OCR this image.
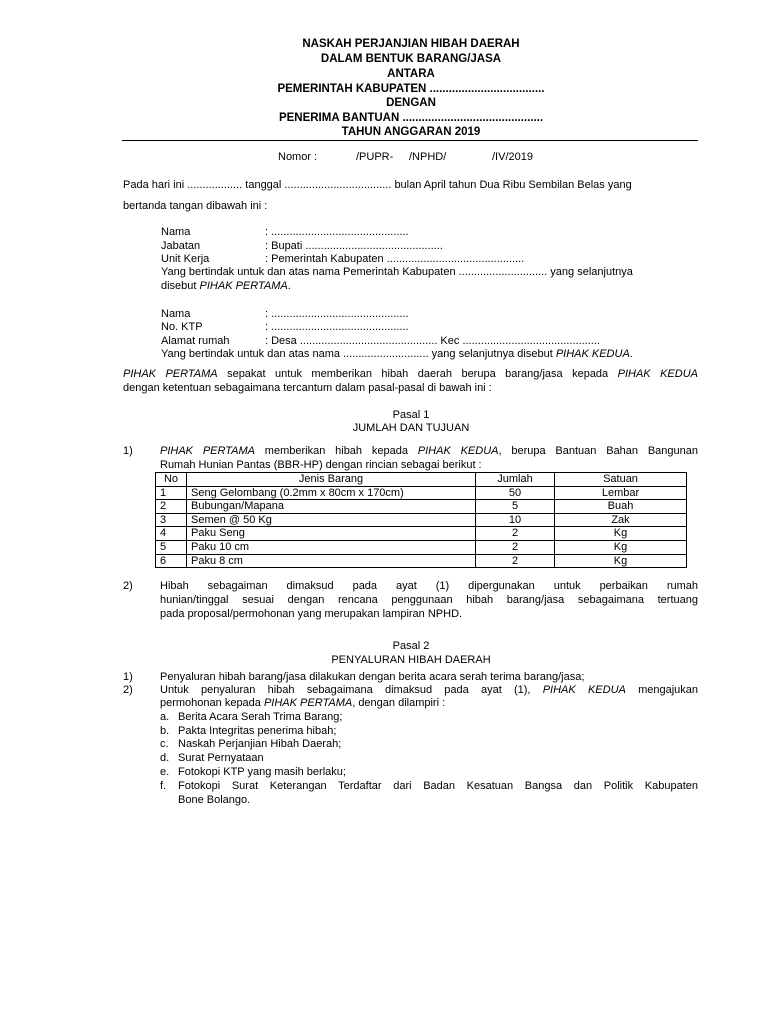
NASKAH PERJANJIAN HIBAH DAERAH
DALAM BENTUK BARANG/JASA
ANTARA
PEMERINTAH KABUPATEN ....................................
DENGAN
PENERIMA BANTUAN ............................................
TAHUN ANGGARAN 2019
Nomor :	/PUPR- /NPHD/	/IV/2019
Pada hari ini .................. tanggal ................................... bulan April tahun Dua Ribu Sembilan Belas yang
bertanda tangan dibawah ini :
Nama	: .............................................
Jabatan	: Bupati .............................................
Unit Kerja	: Pemerintah Kabupaten .............................................
Yang bertindak untuk dan atas nama Pemerintah Kabupaten ............................. yang selanjutnya
disebut PIHAK PERTAMA.
Nama	: .............................................
No. KTP	: .............................................
Alamat rumah	: Desa ............................................. Kec .............................................
Yang bertindak untuk dan atas nama ............................ yang selanjutnya disebut PIHAK KEDUA.
PIHAK PERTAMA sepakat untuk memberikan hibah daerah berupa barang/jasa kepada PIHAK KEDUA
dengan ketentuan sebagaimana tercantum dalam pasal-pasal di bawah ini :
Pasal 1
JUMLAH DAN TUJUAN
1) PIHAK PERTAMA memberikan hibah kepada PIHAK KEDUA, berupa Bantuan Bahan Bangunan
Rumah Hunian Pantas (BBR-HP) dengan rincian sebagai berikut :
No	Jenis Barang	Jumlah	Satuan
1	Seng Gelombang (0.2mm x 80cm x 170cm)	50	Lembar
2	Bubungan/Mapana	5	Buah
3	Semen @ 50 Kg	10	Zak
4	Paku Seng	2	Kg
5	Paku 10 cm	2	Kg
6	Paku 8 cm	2	Kg
2) Hibah sebagaiman dimaksud pada ayat (1) dipergunakan untuk perbaikan rumah
hunian/tinggal sesuai dengan rencana penggunaan hibah barang/jasa sebagaimana tertuang
pada proposal/permohonan yang merupakan lampiran NPHD.
Pasal 2
PENYALURAN HIBAH DAERAH
1) Penyaluran hibah barang/jasa dilakukan dengan berita acara serah terima barang/jasa;
2) Untuk penyaluran hibah sebagaimana dimaksud pada ayat (1), PIHAK KEDUA mengajukan
permohonan kepada PIHAK PERTAMA, dengan dilampiri :
a. Berita Acara Serah Trima Barang;
b. Pakta Integritas penerima hibah;
c. Naskah Perjanjian Hibah Daerah;
d. Surat Pernyataan
e. Fotokopi KTP yang masih berlaku;
f. Fotokopi Surat Keterangan Terdaftar dari Badan Kesatuan Bangsa dan Politik Kabupaten
Bone Bolango.
